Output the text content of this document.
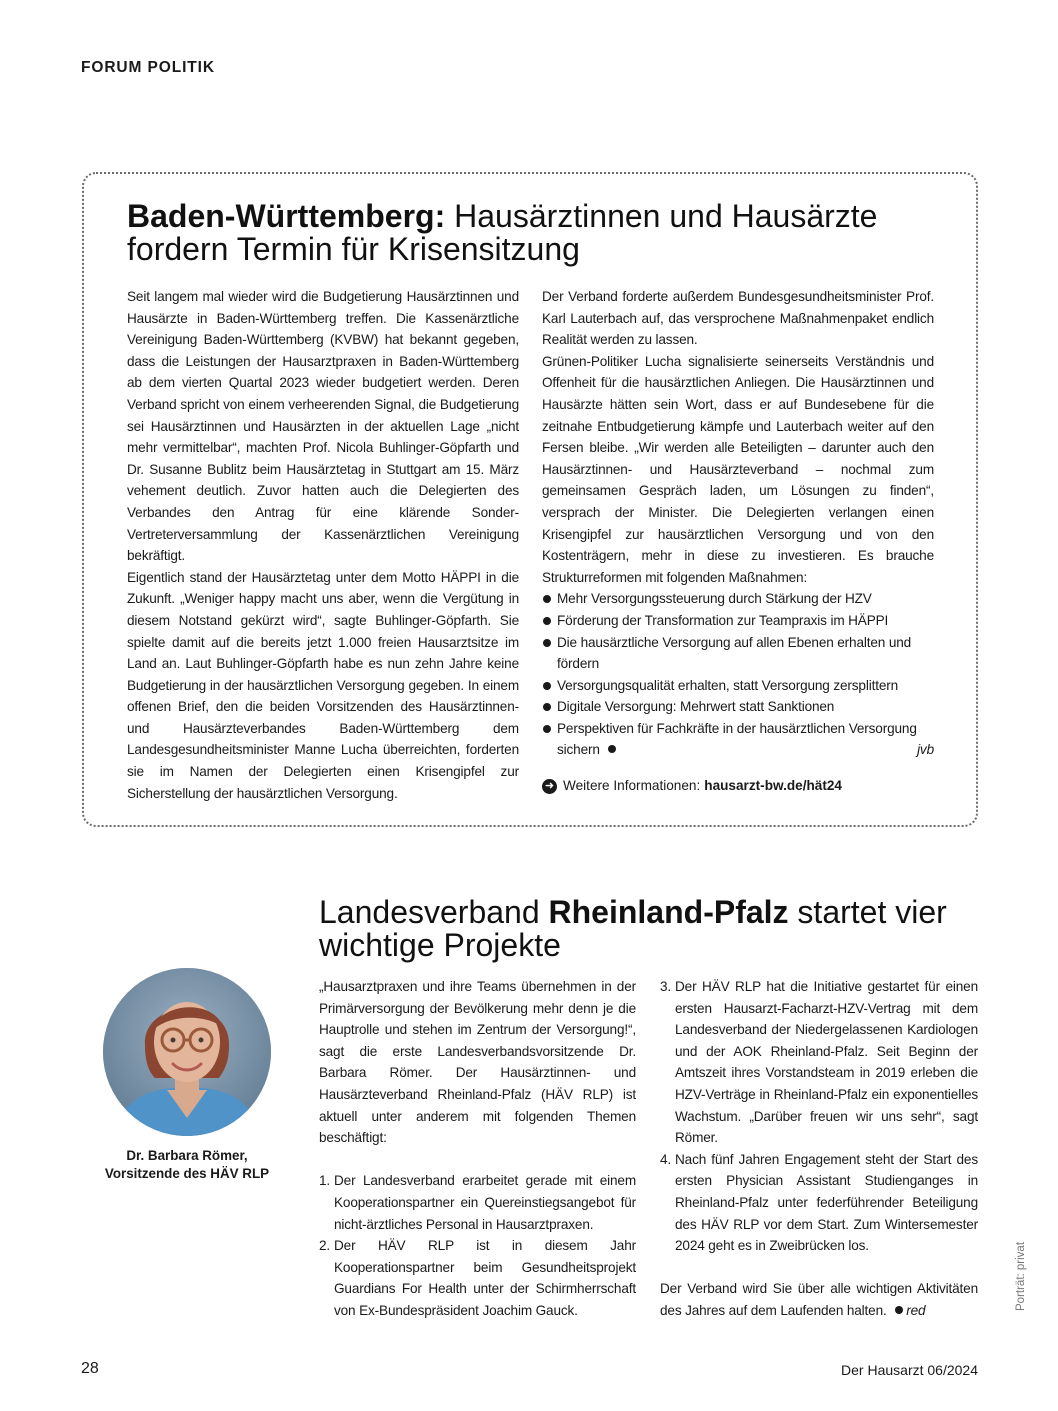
FORUM POLITIK
Baden-Württemberg: Hausärztinnen und Hausärzte fordern Termin für Krisensitzung

Seit langem mal wieder wird die Budgetierung Hausärztinnen und Hausärzte in Baden-Württemberg treffen. Die Kassenärztliche Vereinigung Baden-Württemberg (KVBW) hat bekannt gegeben, dass die Leistungen der Hausarztpraxen in Baden-Württemberg ab dem vierten Quartal 2023 wieder budgetiert werden. Deren Verband spricht von einem verheerenden Signal, die Budgetierung sei Hausärztinnen und Hausärzten in der aktuellen Lage „nicht mehr vermittelbar“, machten Prof. Nicola Buhlinger-Göpfarth und Dr. Susanne Bublitz beim Hausärztetag in Stuttgart am 15. März vehement deutlich. Zuvor hatten auch die Delegierten des Verbandes den Antrag für eine klärende Sonder-Vertreterversammlung der Kassenärztlichen Vereinigung bekräftigt.

Eigentlich stand der Hausärztetag unter dem Motto HÄPPI in die Zukunft. „Weniger happy macht uns aber, wenn die Vergütung in diesem Notstand gekürzt wird“, sagte Buhlinger-Göpfarth. Sie spielte damit auf die bereits jetzt 1.000 freien Hausarztsitze im Land an. Laut Buhlinger-Göpfarth habe es nun zehn Jahre keine Budgetierung in der hausärztlichen Versorgung gegeben. In einem offenen Brief, den die beiden Vorsitzenden des Hausärztinnen- und Hausärzteverbandes Baden-Württemberg dem Landesgesundheitsminister Manne Lucha überreichten, forderten sie im Namen der Delegierten einen Krisengipfel zur Sicherstellung der hausärztlichen Versorgung.

Der Verband forderte außerdem Bundesgesundheitsminister Prof. Karl Lauterbach auf, das versprochene Maßnahmenpaket endlich Realität werden zu lassen.

Grünen-Politiker Lucha signalisierte seinerseits Verständnis und Offenheit für die hausärztlichen Anliegen. Die Hausärztinnen und Hausärzte hätten sein Wort, dass er auf Bundesebene für die zeitnahe Entbudgetierung kämpfe und Lauterbach weiter auf den Fersen bleibe. „Wir werden alle Beteiligten – darunter auch den Hausärztinnen- und Hausärzteverband – nochmal zum gemeinsamen Gespräch laden, um Lösungen zu finden“, versprach der Minister. Die Delegierten verlangen einen Krisengipfel zur hausärztlichen Versorgung und von den Kostenträgern, mehr in diese zu investieren. Es brauche Strukturreformen mit folgenden Maßnahmen:

Mehr Versorgungssteuerung durch Stärkung der HZV
Förderung der Transformation zur Teampraxis im HÄPPI
Die hausärztliche Versorgung auf allen Ebenen erhalten und fördern
Versorgungsqualität erhalten, statt Versorgung zersplittern
Digitale Versorgung: Mehrwert statt Sanktionen
Perspektiven für Fachkräfte in der hausärztlichen Versorgung sichern	jvb
➜ Weitere Informationen: hausarzt-bw.de/hät24
Landesverband Rheinland-Pfalz startet vier wichtige Projekte
Dr. Barbara Römer, Vorsitzende des HÄV RLP

„Hausarztpraxen und ihre Teams übernehmen in der Primärversorgung der Bevölkerung mehr denn je die Hauptrolle und stehen im Zentrum der Versorgung!“, sagt die erste Landesverbandsvorsitzende Dr. Barbara Römer. Der Hausärztinnen- und Hausärzteverband Rheinland-Pfalz (HÄV RLP) ist aktuell unter anderem mit folgenden Themen beschäftigt:

1. Der Landesverband erarbeitet gerade mit einem Kooperationspartner ein Quereinstiegsangebot für nicht-ärztliches Personal in Hausarztpraxen.
2. Der HÄV RLP ist in diesem Jahr Kooperationspartner beim Gesundheitsprojekt Guardians For Health unter der Schirmherrschaft von Ex-Bundespräsident Joachim Gauck.
3. Der HÄV RLP hat die Initiative gestartet für einen ersten Hausarzt-Facharzt-HZV-Vertrag mit dem Landesverband der Niedergelassenen Kardiologen und der AOK Rheinland-Pfalz. Seit Beginn der Amtszeit ihres Vorstandsteam in 2019 erleben die HZV-Verträge in Rheinland-Pfalz ein exponentielles Wachstum. „Darüber freuen wir uns sehr“, sagt Römer.
4. Nach fünf Jahren Engagement steht der Start des ersten Physician Assistant Studienganges in Rheinland-Pfalz unter federführender Beteiligung des HÄV RLP vor dem Start. Zum Wintersemester 2024 geht es in Zweibrücken los.

Der Verband wird Sie über alle wichtigen Aktivitäten des Jahres auf dem Laufenden halten. red	Porträt: privat
28	Der Hausarzt 06/2024
